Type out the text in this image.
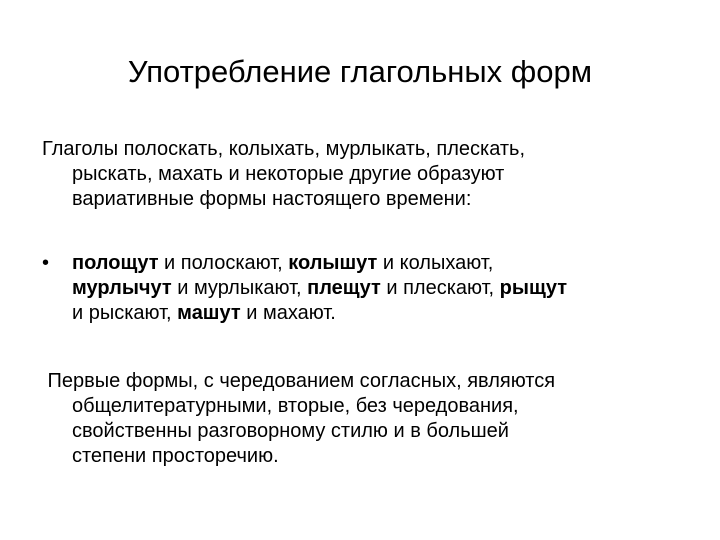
Употребление глагольных форм
Глаголы полоскать, колыхать, мурлыкать, плескать,
рыскать, махать и некоторые другие образуют
вариативные формы настоящего времени:
•	полощут и полоскают, колышут и колыхают,
мурлычут и мурлыкают, плещут и плескают, рыщут
и рыскают, машут и махают.
Первые формы, с чередованием согласных, являются
общелитературными, вторые, без чередования,
свойственны разговорному стилю и в большей
степени просторечию.
